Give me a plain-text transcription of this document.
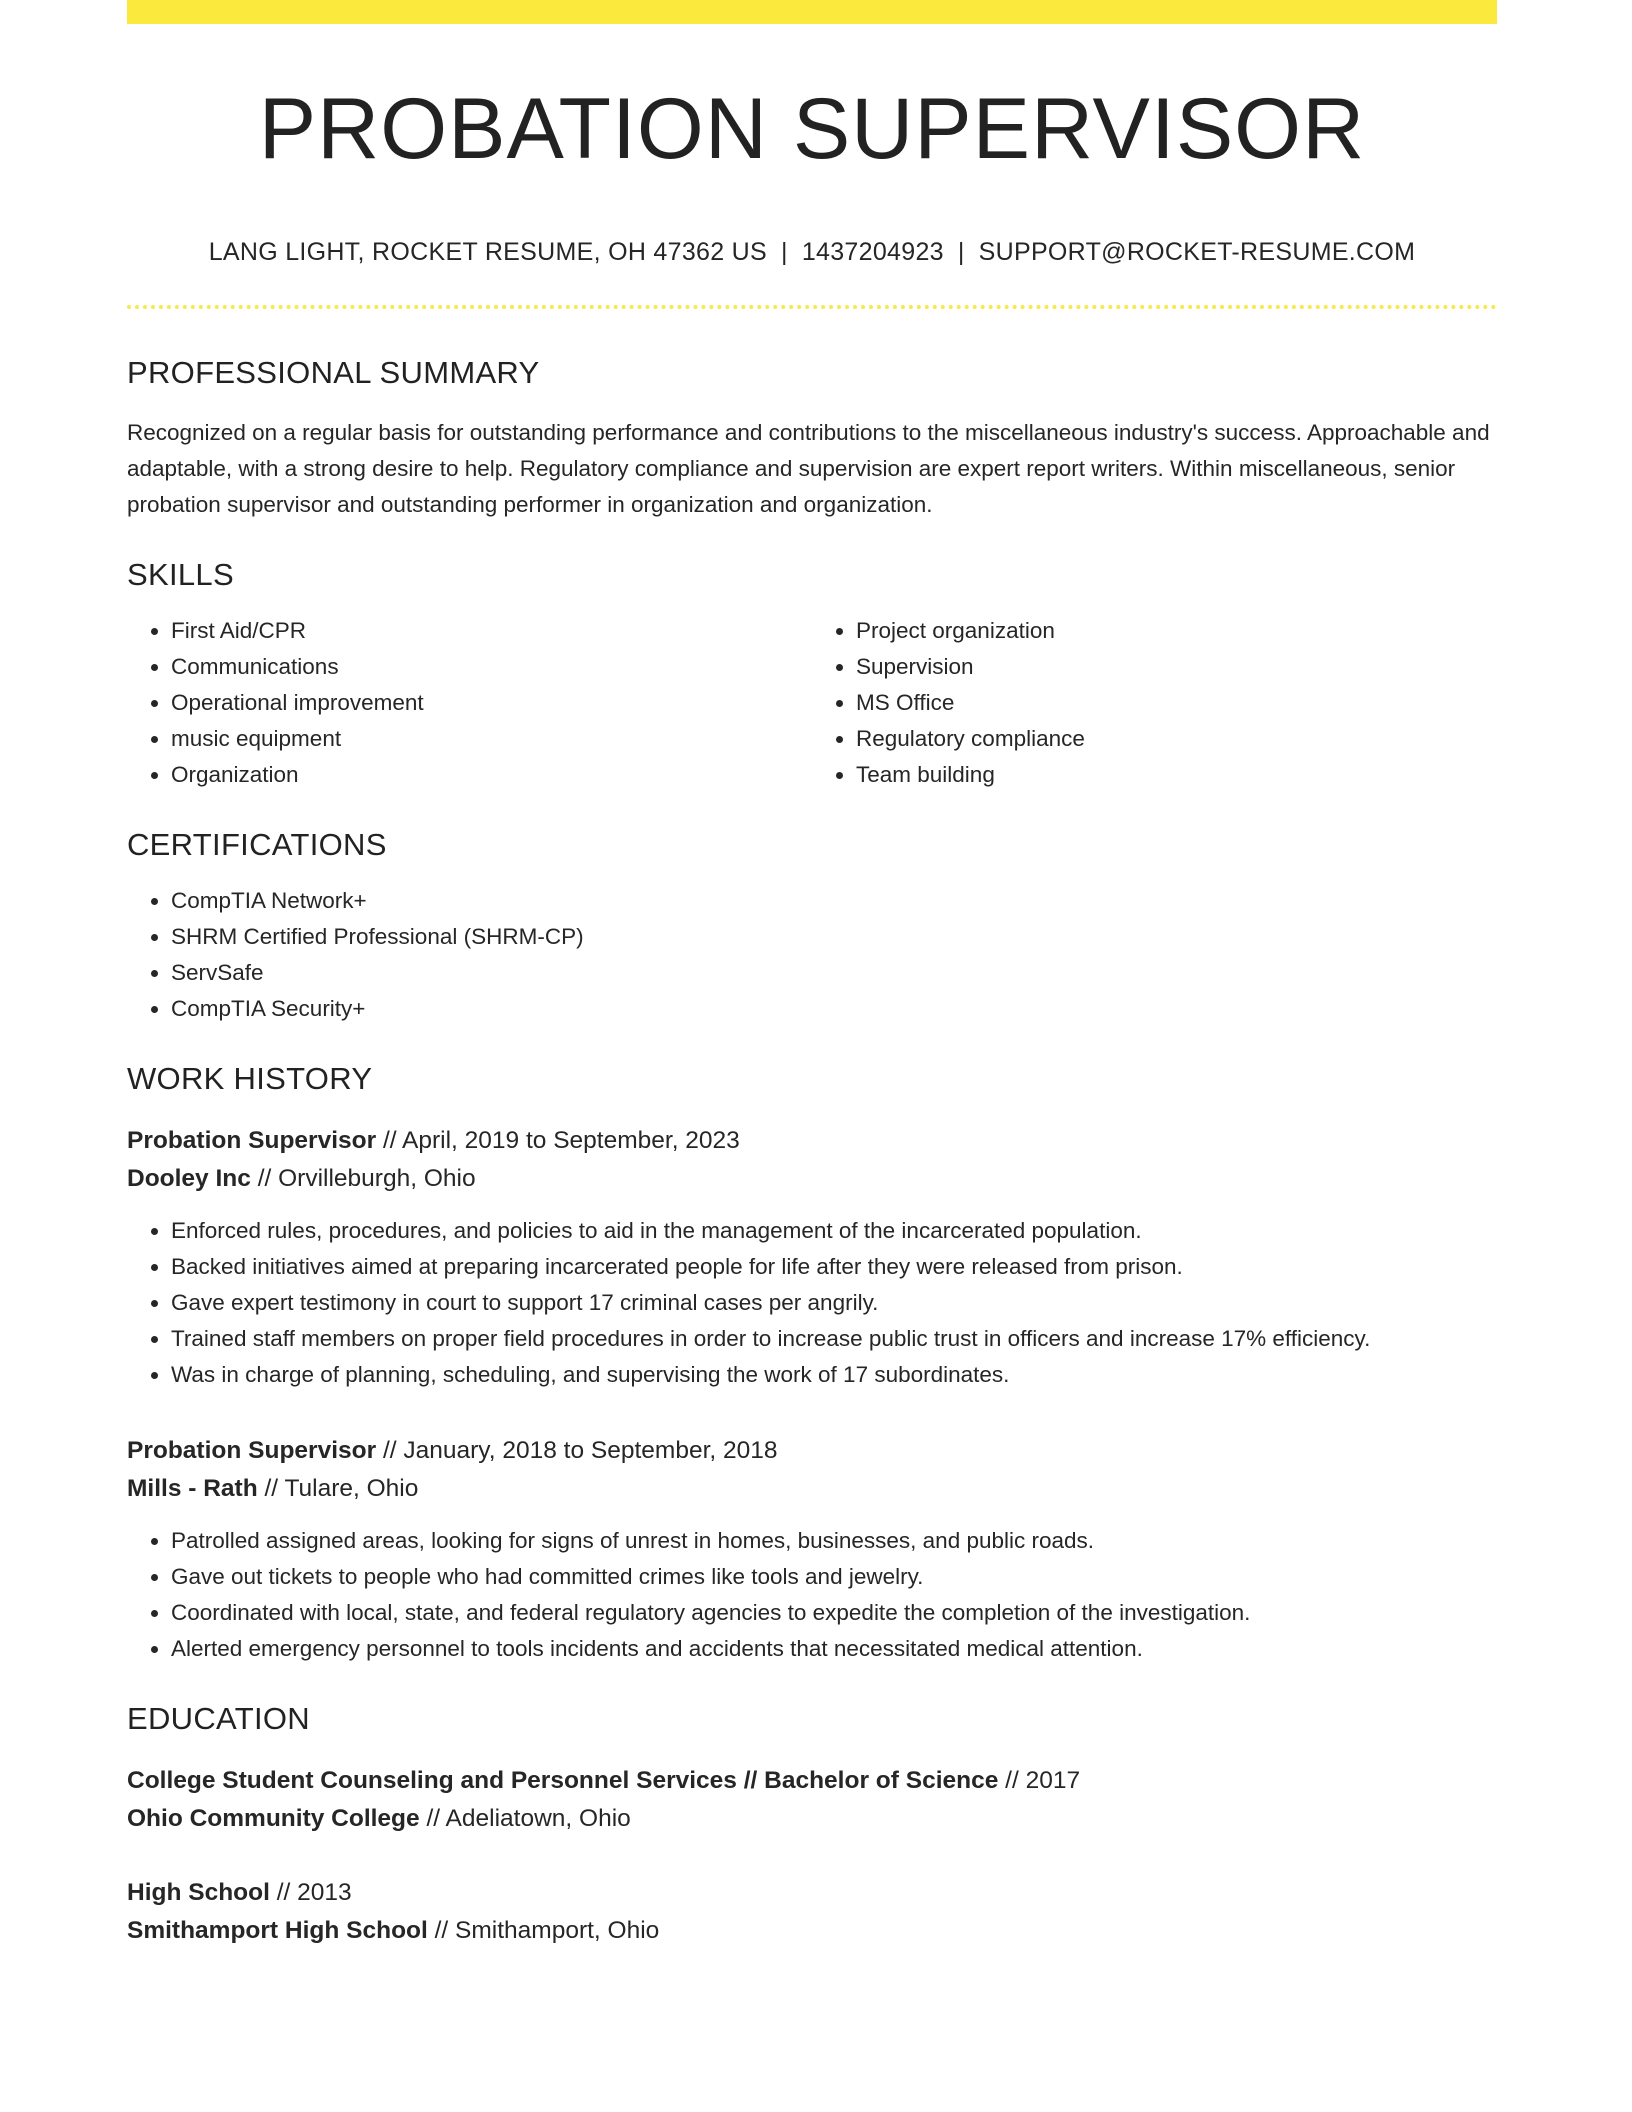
PROBATION SUPERVISOR
LANG LIGHT, ROCKET RESUME, OH 47362 US | 1437204923 | SUPPORT@ROCKET-RESUME.COM
PROFESSIONAL SUMMARY

Recognized on a regular basis for outstanding performance and contributions to the miscellaneous industry's success. Approachable and adaptable, with a strong desire to help. Regulatory compliance and supervision are expert report writers. Within miscellaneous, senior probation supervisor and outstanding performer in organization and organization.

SKILLS
• First Aid/CPR
• Communications
• Operational improvement
• music equipment
• Organization
• Project organization
• Supervision
• MS Office
• Regulatory compliance
• Team building
CERTIFICATIONS
• CompTIA Network+
• SHRM Certified Professional (SHRM-CP)
• ServSafe
• CompTIA Security+
WORK HISTORY
Probation Supervisor // April, 2019 to September, 2023
Dooley Inc // Orvilleburgh, Ohio
• Enforced rules, procedures, and policies to aid in the management of the incarcerated population.
• Backed initiatives aimed at preparing incarcerated people for life after they were released from prison.
• Gave expert testimony in court to support 17 criminal cases per angrily.
• Trained staff members on proper field procedures in order to increase public trust in officers and increase 17% efficiency.
• Was in charge of planning, scheduling, and supervising the work of 17 subordinates.
Probation Supervisor // January, 2018 to September, 2018
Mills - Rath // Tulare, Ohio
• Patrolled assigned areas, looking for signs of unrest in homes, businesses, and public roads.
• Gave out tickets to people who had committed crimes like tools and jewelry.
• Coordinated with local, state, and federal regulatory agencies to expedite the completion of the investigation.
• Alerted emergency personnel to tools incidents and accidents that necessitated medical attention.
EDUCATION
College Student Counseling and Personnel Services // Bachelor of Science // 2017
Ohio Community College // Adeliatown, Ohio
High School // 2013
Smithamport High School // Smithamport, Ohio
